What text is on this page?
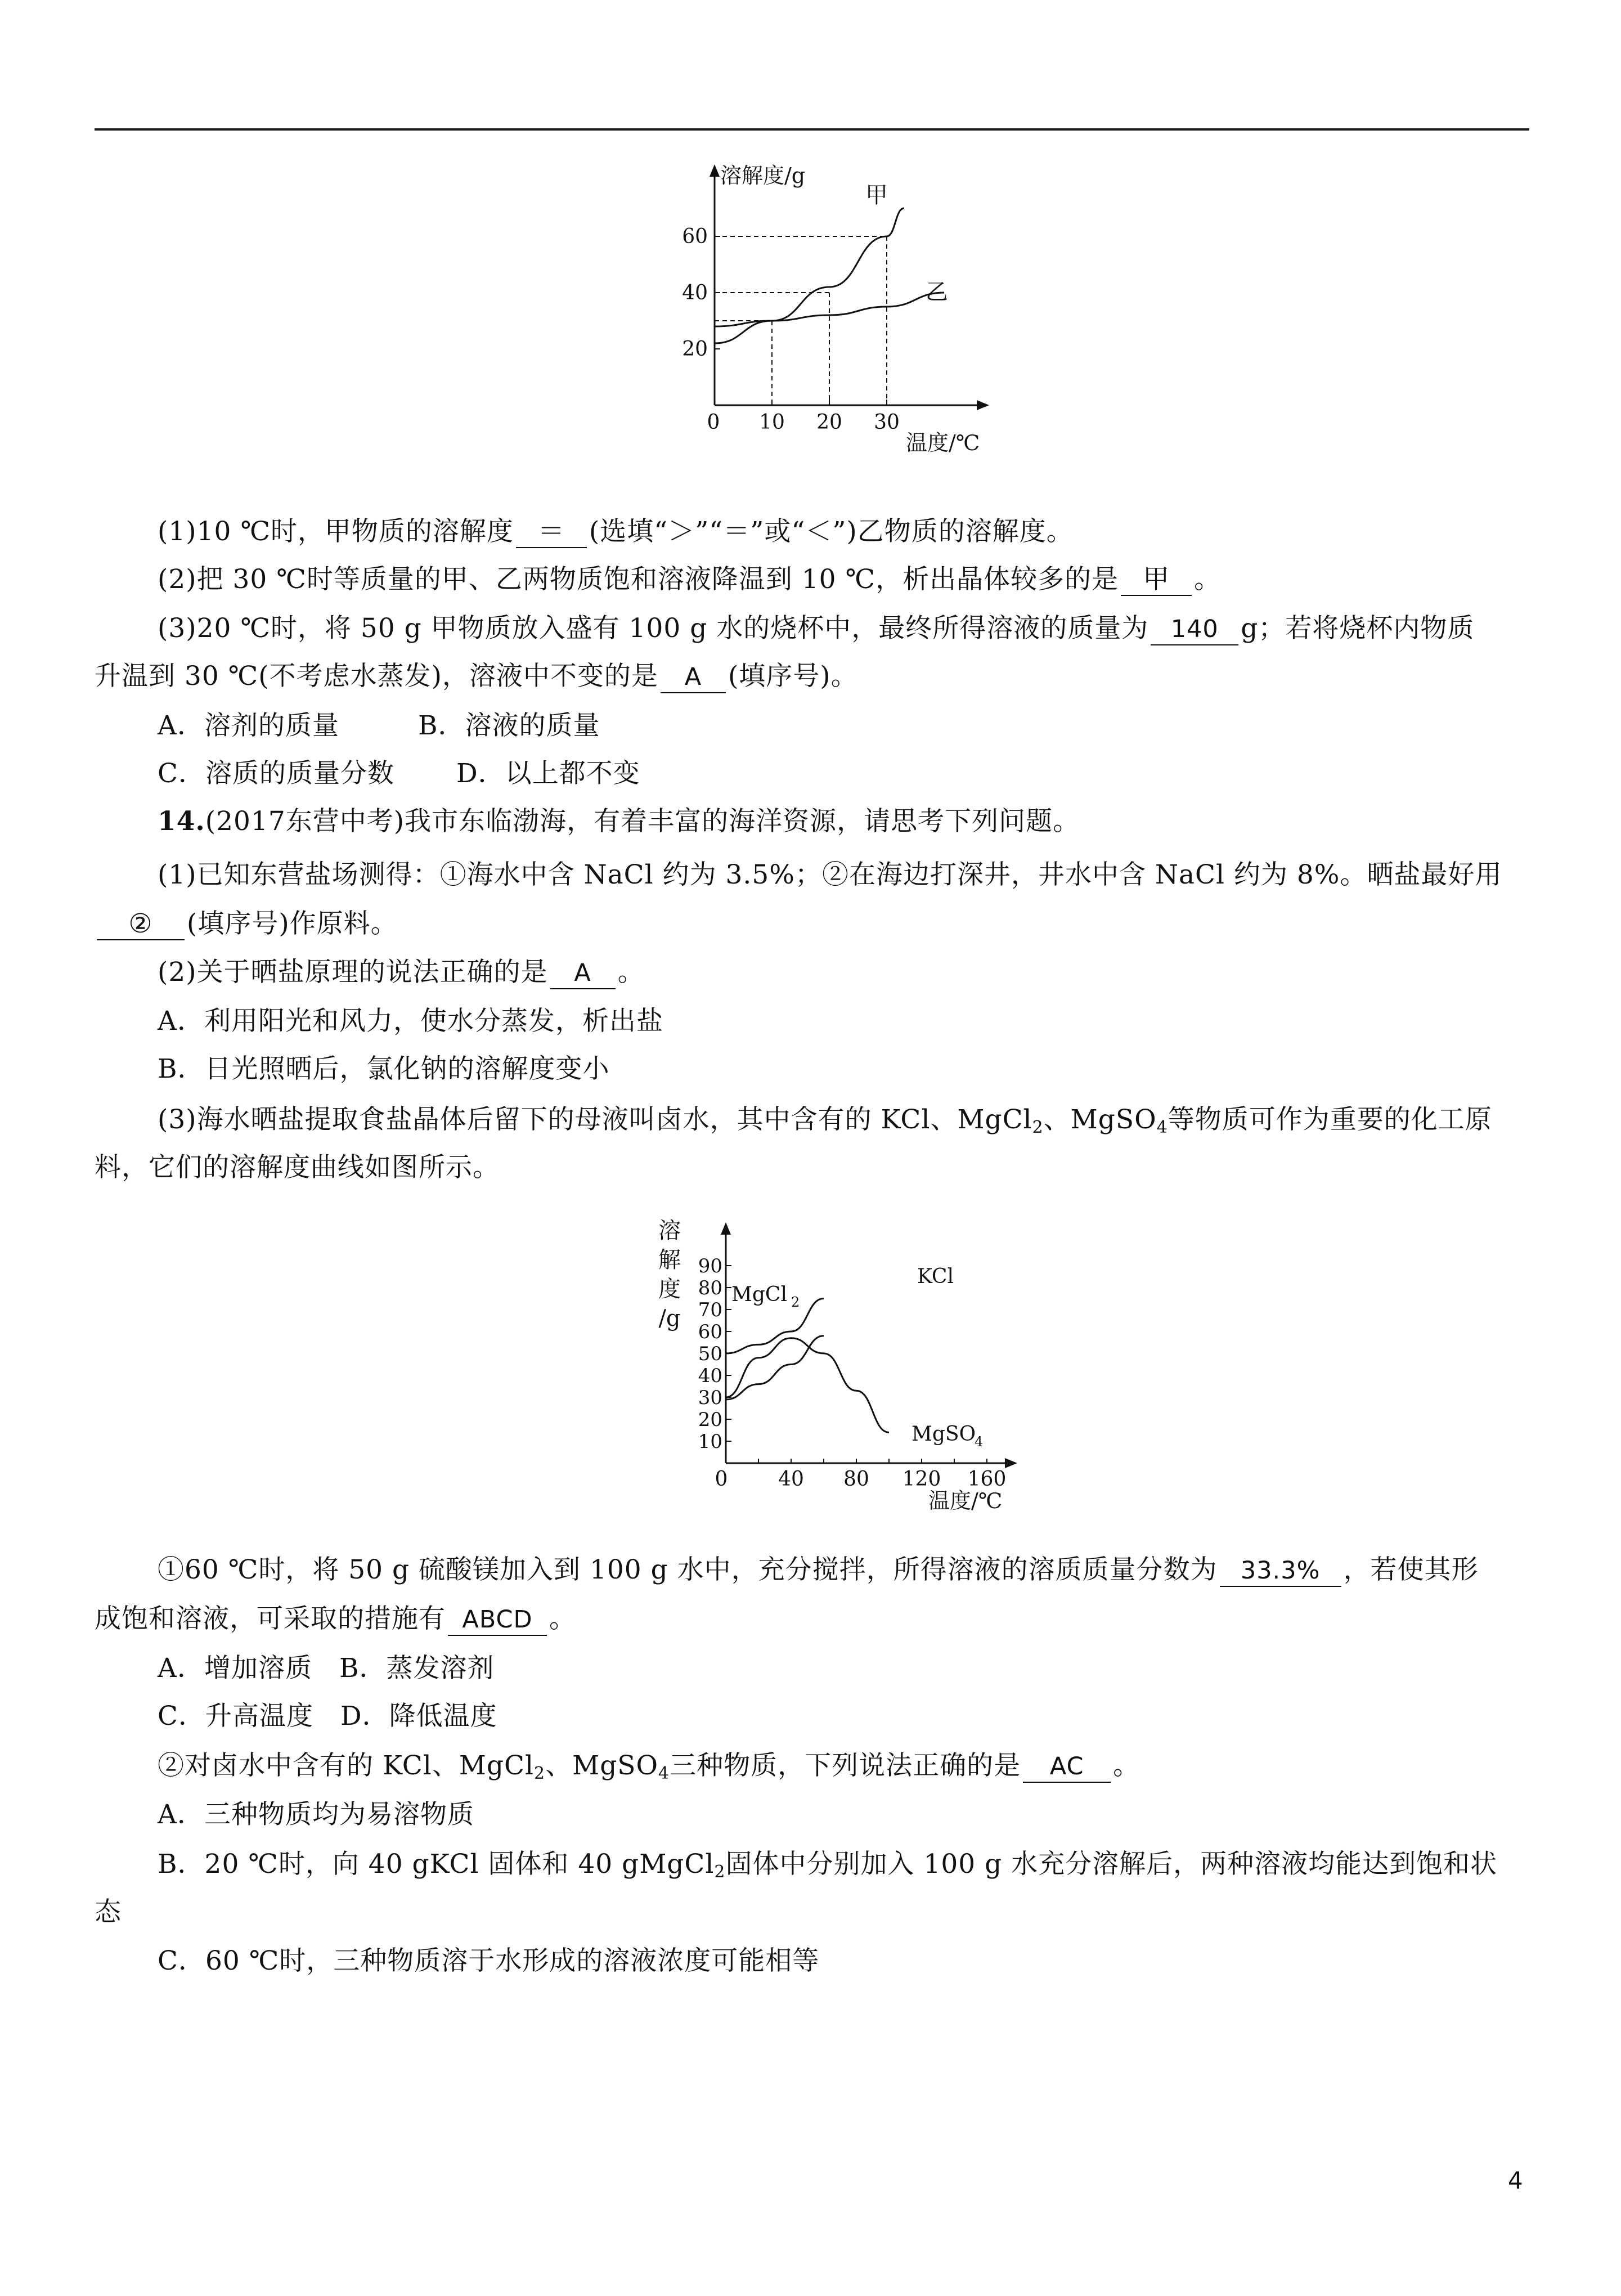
溶解度/g
温度/℃
0 10 20 30
20
40
60
甲
乙
(1)10 ℃时，甲物质的溶解度 ＝ (选填“＞”“＝”或“＜”)乙物质的溶解度。
(2)把 30 ℃时等质量的甲、乙两物质饱和溶液降温到 10 ℃，析出晶体较多的是 甲 。
(3)20 ℃时，将 50 g 甲物质放入盛有 100 g 水的烧杯中，最终所得溶液的质量为 140 g；若将烧杯内物质
升温到 30 ℃(不考虑水蒸发)，溶液中不变的是 A (填序号)。
A．溶剂的质量	B．溶液的质量
C．溶质的质量分数 D．以上都不变
14.(2017东营中考)我市东临渤海，有着丰富的海洋资源，请思考下列问题。
(1)已知东营盐场测得：①海水中含 NaCl 约为 3.5%；②在海边打深井，井水中含 NaCl 约为 8%。晒盐最好用
② (填序号)作原料。
(2)关于晒盐原理的说法正确的是 A 。
A．利用阳光和风力，使水分蒸发，析出盐
B．日光照晒后，氯化钠的溶解度变小
(3)海水晒盐提取食盐晶体后留下的母液叫卤水，其中含有的 KCl、MgCl$_2$、MgSO$_4$等物质可作为重要的化工原
料，它们的溶解度曲线如图所示。
溶
解
度
/g
温度/℃
0 40 80 120 160
10
20
30
40
50
60
70
80
90
MgCl 2
KCl
MgSO
4
①60 ℃时，将 50 g 硫酸镁加入到 100 g 水中，充分搅拌，所得溶液的溶质质量分数为 33.3% ，若使其形
成饱和溶液，可采取的措施有 ABCD 。
A．增加溶质　B．蒸发溶剂
C．升高温度　D．降低温度
②对卤水中含有的 KCl、MgCl$_2$、MgSO$_4$三种物质，下列说法正确的是 AC 。
A．三种物质均为易溶物质
B．20 ℃时，向 40 gKCl 固体和 40 gMgCl$_2$固体中分别加入 100 g 水充分溶解后，两种溶液均能达到饱和状
态
C．60 ℃时，三种物质溶于水形成的溶液浓度可能相等
4
